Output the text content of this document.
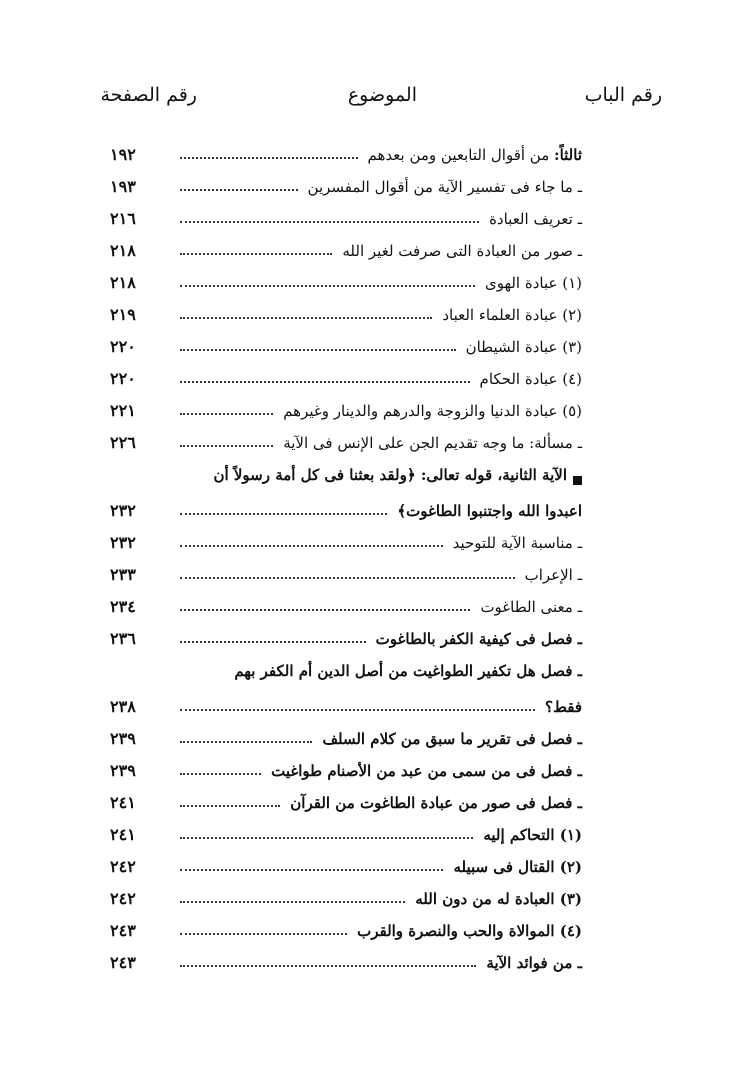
رقم الباب
الموضوع
رقم الصفحة
ثالثاً: من أقوال التابعين ومن بعدهم
١٩٢
ـ ما جاء فى تفسير الآية من أقوال المفسرين
١٩٣
ـ تعريف العبادة
٢١٦
ـ صور من العبادة التى صرفت لغير الله
٢١٨
(١) عبادة الهوى
٢١٨
(٢) عبادة العلماء العباد
٢١٩
(٣) عبادة الشيطان
٢٢٠
(٤) عبادة الحكام
٢٢٠
(٥) عبادة الدنيا والزوجة والدرهم والدينار وغيرهم
٢٢١
ـ مسألة: ما وجه تقديم الجن على الإنس فى الآية
٢٢٦
الآية الثانية، قوله تعالى: ﴿ولقد بعثنا فى كل أمة رسولاً أن
اعبدوا الله واجتنبوا الطاغوت﴾
٢٣٢
ـ مناسبة الآية للتوحيد
٢٣٢
ـ الإعراب
٢٣٣
ـ معنى الطاغوت
٢٣٤
ـ فصل فى كيفية الكفر بالطاغوت
٢٣٦
ـ فصل هل تكفير الطواغيت من أصل الدين أم الكفر بهم
فقط؟
٢٣٨
ـ فصل فى تقرير ما سبق من كلام السلف
٢٣٩
ـ فصل فى من سمى من عبد من الأصنام طواغيت
٢٣٩
ـ فصل فى صور من عبادة الطاغوت من القرآن
٢٤١
(١) التحاكم إليه
٢٤١
(٢) القتال فى سبيله
٢٤٢
(٣) العبادة له من دون الله
٢٤٢
(٤) الموالاة والحب والنصرة والقرب
٢٤٣
ـ من فوائد الآية
٢٤٣
